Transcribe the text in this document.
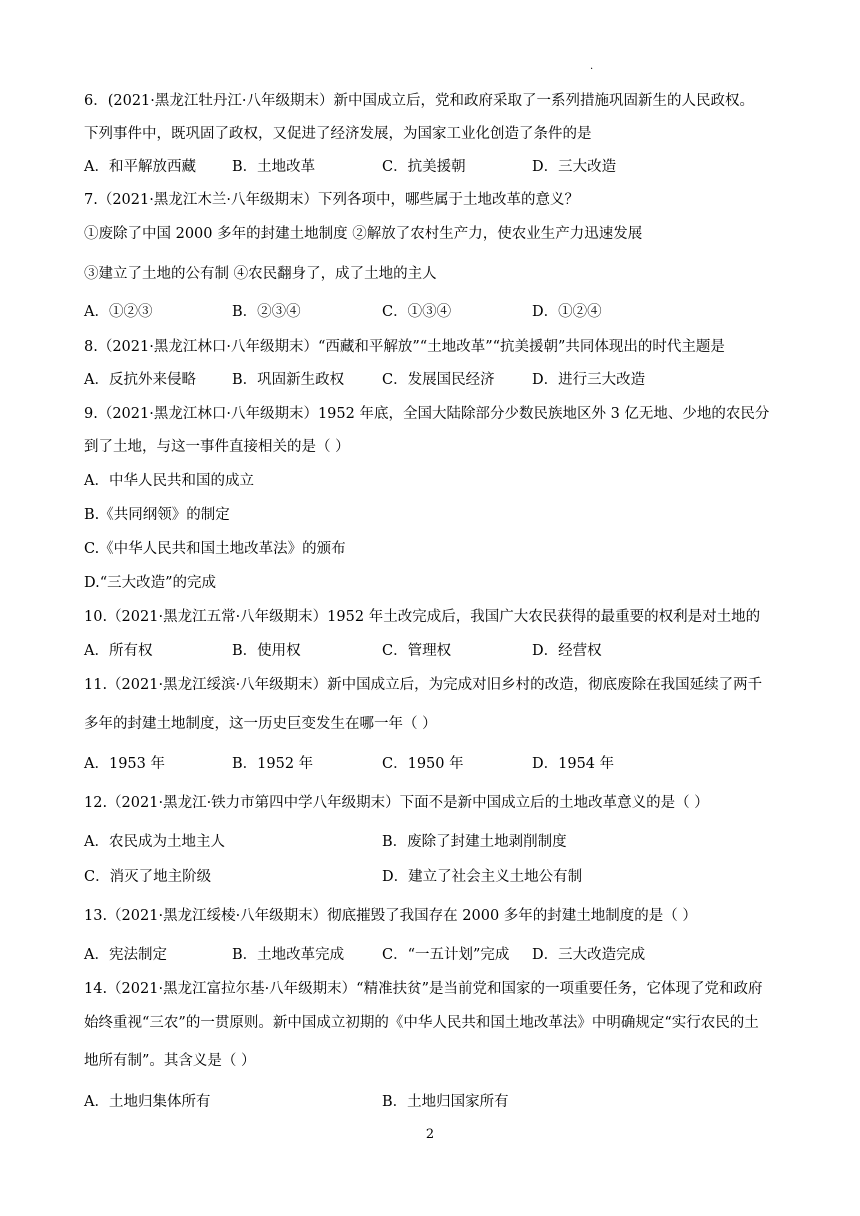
.
6．(2021·黑龙江牡丹江·八年级期末）新中国成立后，党和政府采取了一系列措施巩固新生的人民政权。
下列事件中，既巩固了政权，又促进了经济发展，为国家工业化创造了条件的是
A．和平解放西藏 B．土地改革	C．抗美援朝	D．三大改造
7.（2021·黑龙江木兰·八年级期末）下列各项中，哪些属于土地改革的意义？
①废除了中国 2000 多年的封建土地制度 ②解放了农村生产力，使农业生产力迅速发展
③建立了土地的公有制 ④农民翻身了，成了土地的主人
A．①②③	B．②③④	C．①③④	D．①②④
8.（2021·黑龙江林口·八年级期末）“西藏和平解放”“土地改革”“抗美援朝”共同体现出的时代主题是
A．反抗外来侵略 B．巩固新生政权	C．发展国民经济	D．进行三大改造
9.（2021·黑龙江林口·八年级期末）1952 年底，全国大陆除部分少数民族地区外 3 亿无地、少地的农民分
到了土地，与这一事件直接相关的是（ ）
A．中华人民共和国的成立
B.《共同纲领》的制定
C.《中华人民共和国土地改革法》的颁布
D.“三大改造”的完成
10.（2021·黑龙江五常·八年级期末）1952 年土改完成后，我国广大农民获得的最重要的权利是对土地的
A．所有权	B．使用权	C．管理权	D．经营权
11.（2021·黑龙江绥滨·八年级期末）新中国成立后，为完成对旧乡村的改造，彻底废除在我国延续了两千
多年的封建土地制度，这一历史巨变发生在哪一年（ ）
A．1953 年	B．1952 年	C．1950 年	D．1954 年
12.（2021·黑龙江·铁力市第四中学八年级期末）下面不是新中国成立后的土地改革意义的是（ ）
A．农民成为土地主人	B．废除了封建土地剥削制度
C．消灭了地主阶级	D．建立了社会主义土地公有制
13.（2021·黑龙江绥棱·八年级期末）彻底摧毁了我国存在 2000 多年的封建土地制度的是（ ）
A．宪法制定	B．土地改革完成	C．“一五计划”完成 D．三大改造完成
14.（2021·黑龙江富拉尔基·八年级期末）“精准扶贫”是当前党和国家的一项重要任务，它体现了党和政府
始终重视“三农”的一贯原则。新中国成立初期的《中华人民共和国土地改革法》中明确规定“实行农民的土
地所有制”。其含义是（ ）
A．土地归集体所有	B．土地归国家所有
2
